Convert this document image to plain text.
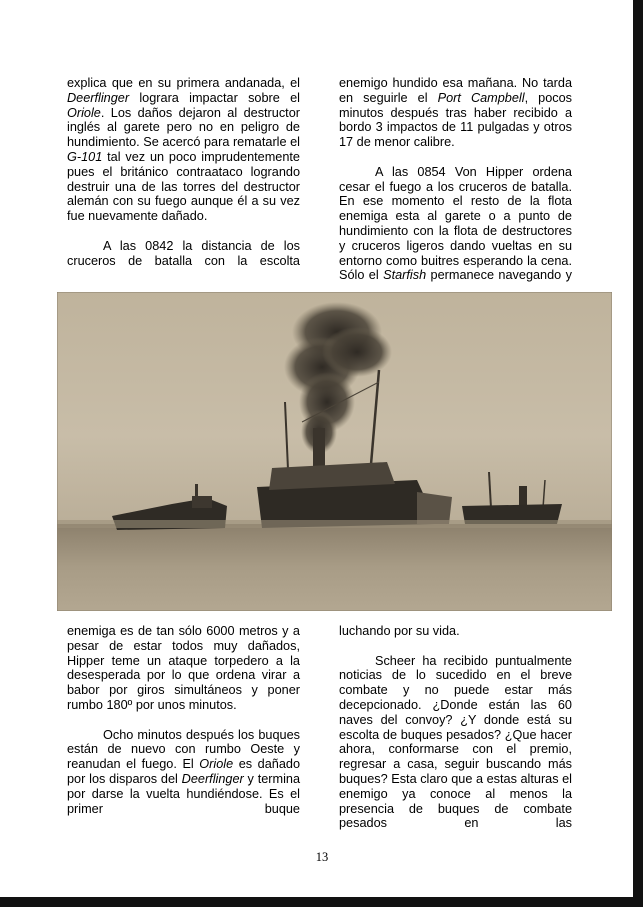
explica que en su primera andanada, el Deerflinger lograra impactar sobre el Oriole. Los daños dejaron al destructor inglés al garete pero no en peligro de hundimiento. Se acercó para rematarle el G-101 tal vez un poco imprudentemente pues el británico contraataco logrando destruir una de las torres del destructor alemán con su fuego aunque él a su vez fue nuevamente dañado.

A las 0842 la distancia de los cruceros de batalla con la escolta

enemigo hundido esa mañana. No tarda en seguirle el Port Campbell, pocos minutos después tras haber recibido a bordo 3 impactos de 11 pulgadas y otros 17 de menor calibre.

A las 0854 Von Hipper ordena cesar el fuego a los cruceros de batalla. En ese momento el resto de la flota enemiga esta al garete o a punto de hundimiento con la flota de destructores y cruceros ligeros dando vueltas en su entorno como buitres esperando la cena. Sólo el Starfish permanece navegando y

enemiga es de tan sólo 6000 metros y a pesar de estar todos muy dañados, Hipper teme un ataque torpedero a la desesperada por lo que ordena virar a babor por giros simultáneos y poner rumbo 180º por unos minutos.

Ocho minutos después los buques están de nuevo con rumbo Oeste y reanudan el fuego. El Oriole es dañado por los disparos del Deerflinger y termina por darse la vuelta hundiéndose. Es el primer buque

luchando por su vida.

Scheer ha recibido puntualmente noticias de lo sucedido en el breve combate y no puede estar más decepcionado. ¿Donde están las 60 naves del convoy? ¿Y donde está su escolta de buques pesados? ¿Que hacer ahora, conformarse con el premio, regresar a casa, seguir buscando más buques? Esta claro que a estas alturas el enemigo ya conoce al menos la presencia de buques de combate pesados en las

13
